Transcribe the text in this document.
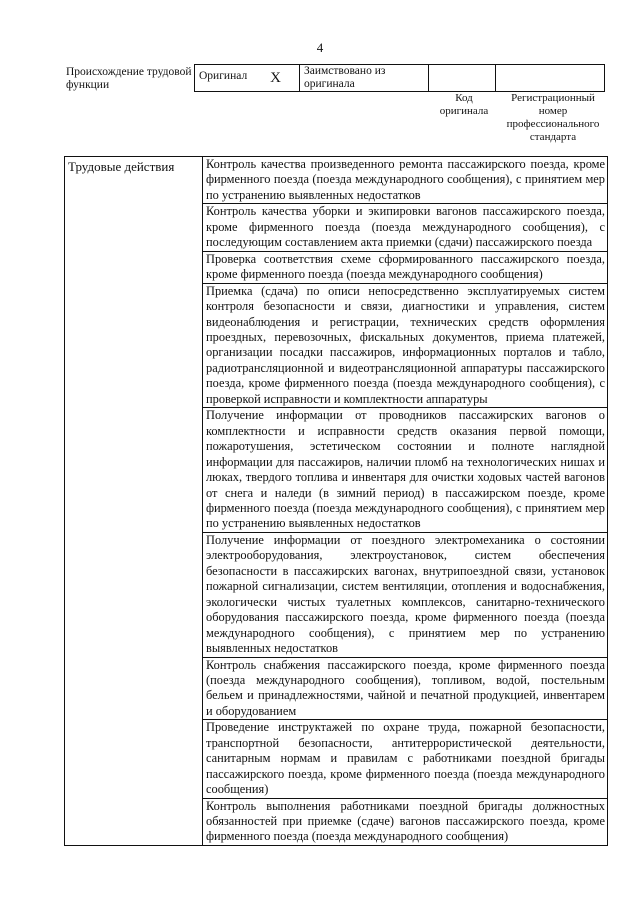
4
Происхождение трудовой функции
Оригинал X	Заимствовано из оригинала		
Код оригинала
Регистрационный номер профессионального стандарта
Трудовые действия	Контроль качества произведенного ремонта пассажирского поезда, кроме фирменного поезда (поезда международного сообщения), с принятием мер по устранению выявленных недостатков
Контроль качества уборки и экипировки вагонов пассажирского поезда, кроме фирменного поезда (поезда международного сообщения), с последующим составлением акта приемки (сдачи) пассажирского поезда
Проверка соответствия схеме сформированного пассажирского поезда, кроме фирменного поезда (поезда международного сообщения)
Приемка (сдача) по описи непосредственно эксплуатируемых систем контроля безопасности и связи, диагностики и управления, систем видеонаблюдения и регистрации, технических средств оформления проездных, перевозочных, фискальных документов, приема платежей, организации посадки пассажиров, информационных порталов и табло, радиотрансляционной и видеотрансляционной аппаратуры пассажирского поезда, кроме фирменного поезда (поезда международного сообщения), с проверкой исправности и комплектности аппаратуры
Получение информации от проводников пассажирских вагонов о комплектности и исправности средств оказания первой помощи, пожаротушения, эстетическом состоянии и полноте наглядной информации для пассажиров, наличии пломб на технологических нишах и люках, твердого топлива и инвентаря для очистки ходовых частей вагонов от снега и наледи (в зимний период) в пассажирском поезде, кроме фирменного поезда (поезда международного сообщения), с принятием мер по устранению выявленных недостатков
Получение информации от поездного электромеханика о состоянии электрооборудования, электроустановок, систем обеспечения безопасности в пассажирских вагонах, внутрипоездной связи, установок пожарной сигнализации, систем вентиляции, отопления и водоснабжения, экологически чистых туалетных комплексов, санитарно-технического оборудования пассажирского поезда, кроме фирменного поезда (поезда международного сообщения), с принятием мер по устранению выявленных недостатков
Контроль снабжения пассажирского поезда, кроме фирменного поезда (поезда международного сообщения), топливом, водой, постельным бельем и принадлежностями, чайной и печатной продукцией, инвентарем и оборудованием
Проведение инструктажей по охране труда, пожарной безопасности, транспортной безопасности, антитеррористической деятельности, санитарным нормам и правилам с работниками поездной бригады пассажирского поезда, кроме фирменного поезда (поезда международного сообщения)
Контроль выполнения работниками поездной бригады должностных обязанностей при приемке (сдаче) вагонов пассажирского поезда, кроме фирменного поезда (поезда международного сообщения)
